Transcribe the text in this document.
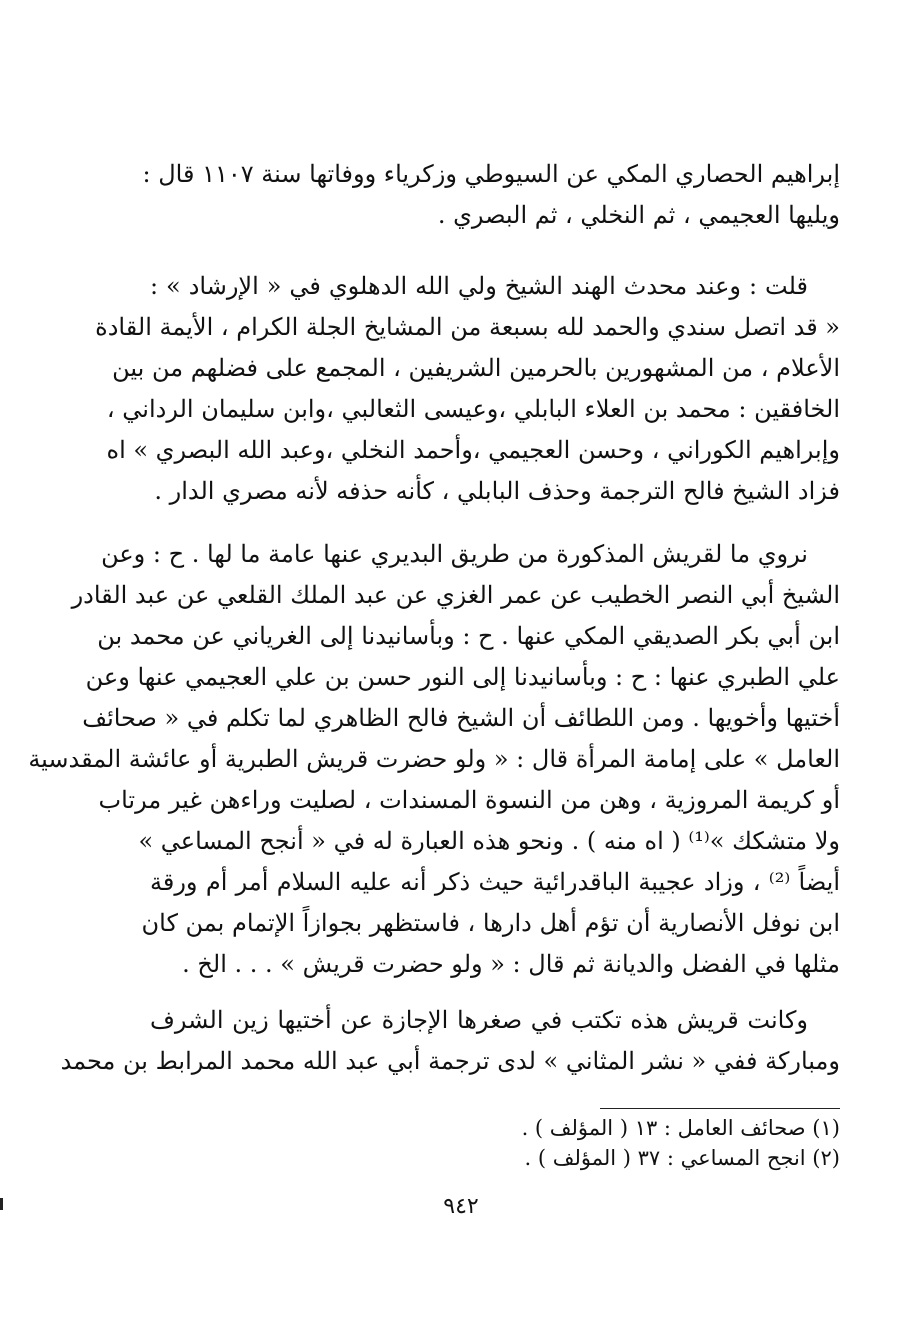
إبراهيم الحصاري المكي عن السيوطي وزكرياء ووفاتها سنة ١١٠٧ قال :
ويليها العجيمي ، ثم النخلي ، ثم البصري .
قلت : وعند محدث الهند الشيخ ولي الله الدهلوي في « الإرشاد » :
« قد اتصل سندي والحمد لله بسبعة من المشايخ الجلة الكرام ، الأيمة القادة
الأعلام ، من المشهورين بالحرمين الشريفين ، المجمع على فضلهم من بين
الخافقين : محمد بن العلاء البابلي ،وعيسى الثعالبي ،وابن سليمان الرداني ،
وإبراهيم الكوراني ، وحسن العجيمي ،وأحمد النخلي ،وعبد الله البصري » اه
فزاد الشيخ فالح الترجمة وحذف البابلي ، كأنه حذفه لأنه مصري الدار .
نروي ما لقريش المذكورة من طريق البديري عنها عامة ما لها . ح : وعن
الشيخ أبي النصر الخطيب عن عمر الغزي عن عبد الملك القلعي عن عبد القادر
ابن أبي بكر الصديقي المكي عنها . ح : وبأسانيدنا إلى الغرياني عن محمد بن
علي الطبري عنها : ح : وبأسانيدنا إلى النور حسن بن علي العجيمي عنها وعن
أختيها وأخويها . ومن اللطائف أن الشيخ فالح الظاهري لما تكلم في « صحائف
العامل » على إمامة المرأة قال : « ولو حضرت قريش الطبرية أو عائشة المقدسية
أو كريمة المروزية ، وهن من النسوة المسندات ، لصليت وراءهن غير مرتاب
ولا متشكك »⁽¹⁾ ( اه منه ) . ونحو هذه العبارة له في « أنجح المساعي »
أيضاً ⁽²⁾ ، وزاد عجيبة الباقدرائية حيث ذكر أنه عليه السلام أمر أم ورقة
ابن نوفل الأنصارية أن تؤم أهل دارها ، فاستظهر بجوازاً الإتمام بمن كان
مثلها في الفضل والديانة ثم قال : « ولو حضرت قريش » . . . الخ .
وكانت قريش هذه تكتب في صغرها الإجازة عن أختيها زين الشرف
ومباركة ففي « نشر المثاني » لدى ترجمة أبي عبد الله محمد المرابط بن محمد
(١) صحائف العامل : ١٣ ( المؤلف ) .
(٢) انجح المساعي : ٣٧ ( المؤلف ) .
٩٤٢
